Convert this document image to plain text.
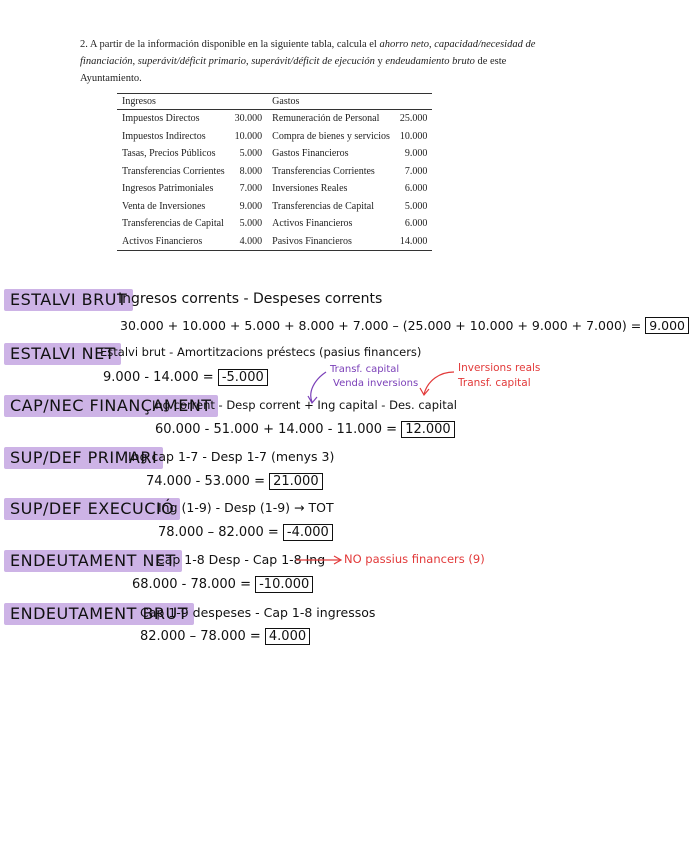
2. A partir de la información disponible en la siguiente tabla, calcula el ahorro neto, capacidad/necesidad de financiación, superávit/déficit primario, superávit/déficit de ejecución y endeudamiento bruto de este Ayuntamiento.
Ingresos		Gastos	
Impuestos Directos	30.000	Remuneración de Personal	25.000
Impuestos Indirectos	10.000	Compra de bienes y servicios	10.000
Tasas, Precios Públicos	5.000	Gastos Financieros	9.000
Transferencias Corrientes	8.000	Transferencias Corrientes	7.000
Ingresos Patrimoniales	7.000	Inversiones Reales	6.000
Venta de Inversiones	9.000	Transferencias de Capital	5.000
Transferencias de Capital	5.000	Activos Financieros	6.000
Activos Financieros	4.000	Pasivos Financieros	14.000
ESTALVI BRUT
Ingresos corrents - Despeses corrents
30.000 + 10.000 + 5.000 + 8.000 + 7.000 – (25.000 + 10.000 + 9.000 + 7.000) = 9.000
ESTALVI NET
Estalvi brut - Amortitzacions préstecs (pasius financers)
9.000 - 14.000 = -5.000
Transf. capital
Venda inversions
Inversions reals
Transf. capital
CAP/NEC FINANÇAMENT
Ing corrent - Desp corrent + Ing capital - Des. capital
60.000 - 51.000 + 14.000 - 11.000 = 12.000
SUP/DEF PRIMARI
Ing cap 1-7 - Desp 1-7 (menys 3)
74.000 - 53.000 = 21.000
SUP/DEF EXECUCIÓ
Ing (1-9) - Desp (1-9) → TOT
78.000 – 82.000 = -4.000
ENDEUTAMENT NET
Cap 1-8 Desp - Cap 1-8 Ing NO passius financers (9)
68.000 - 78.000 = -10.000
ENDEUTAMENT BRUT
Cap 1-9 despeses - Cap 1-8 ingressos
82.000 – 78.000 = 4.000
